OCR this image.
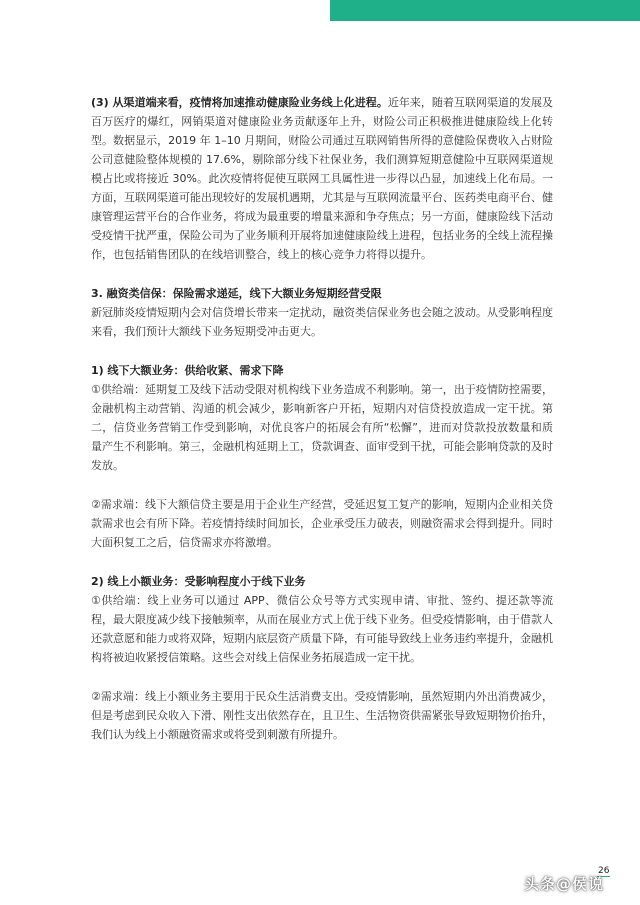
(3) 从渠道端来看，疫情将加速推动健康险业务线上化进程。近年来，随着互联网渠道的发展及百万医疗的爆红，网销渠道对健康险业务贡献逐年上升，财险公司正积极推进健康险线上化转型。数据显示，2019 年 1–10 月期间，财险公司通过互联网销售所得的意健险保费收入占财险公司意健险整体规模的 17.6%，剔除部分线下社保业务，我们测算短期意健险中互联网渠道规模占比或将接近 30%。此次疫情将促使互联网工具属性进一步得以凸显，加速线上化布局。一方面，互联网渠道可能出现较好的发展机遇期，尤其是与互联网流量平台、医药类电商平台、健康管理运营平台的合作业务，将成为最重要的增量来源和争夺焦点；另一方面，健康险线下活动受疫情干扰严重，保险公司为了业务顺利开展将加速健康险线上进程，包括业务的全线上流程操作，也包括销售团队的在线培训整合，线上的核心竞争力将得以提升。

3. 融资类信保：保险需求递延，线下大额业务短期经营受限

新冠肺炎疫情短期内会对信贷增长带来一定扰动，融资类信保业务也会随之波动。从受影响程度来看，我们预计大额线下业务短期受冲击更大。

1) 线下大额业务：供给收紧、需求下降

①供给端：延期复工及线下活动受限对机构线下业务造成不利影响。第一，出于疫情防控需要，金融机构主动营销、沟通的机会减少，影响新客户开拓，短期内对信贷投放造成一定干扰。第二，信贷业务营销工作受到影响，对优良客户的拓展会有所“松懈”，进而对贷款投放数量和质量产生不利影响。第三，金融机构延期上工，贷款调查、面审受到干扰，可能会影响贷款的及时发放。

②需求端：线下大额信贷主要是用于企业生产经营，受延迟复工复产的影响，短期内企业相关贷款需求也会有所下降。若疫情持续时间加长，企业承受压力破表，则融资需求会得到提升。同时大面积复工之后，信贷需求亦将激增。

2) 线上小额业务：受影响程度小于线下业务

①供给端：线上业务可以通过 APP、微信公众号等方式实现申请、审批、签约、提还款等流程，最大限度减少线下接触频率，从而在展业方式上优于线下业务。但受疫情影响，由于借款人还款意愿和能力或将双降，短期内底层资产质量下降，有可能导致线上业务违约率提升，金融机构将被迫收紧授信策略。这些会对线上信保业务拓展造成一定干扰。

②需求端：线上小额业务主要用于民众生活消费支出。受疫情影响，虽然短期内外出消费减少，但是考虑到民众收入下滑、刚性支出依然存在，且卫生、生活物资供需紧张导致短期物价抬升，我们认为线上小额融资需求或将受到刺激有所提升。

26
头条@侯说
